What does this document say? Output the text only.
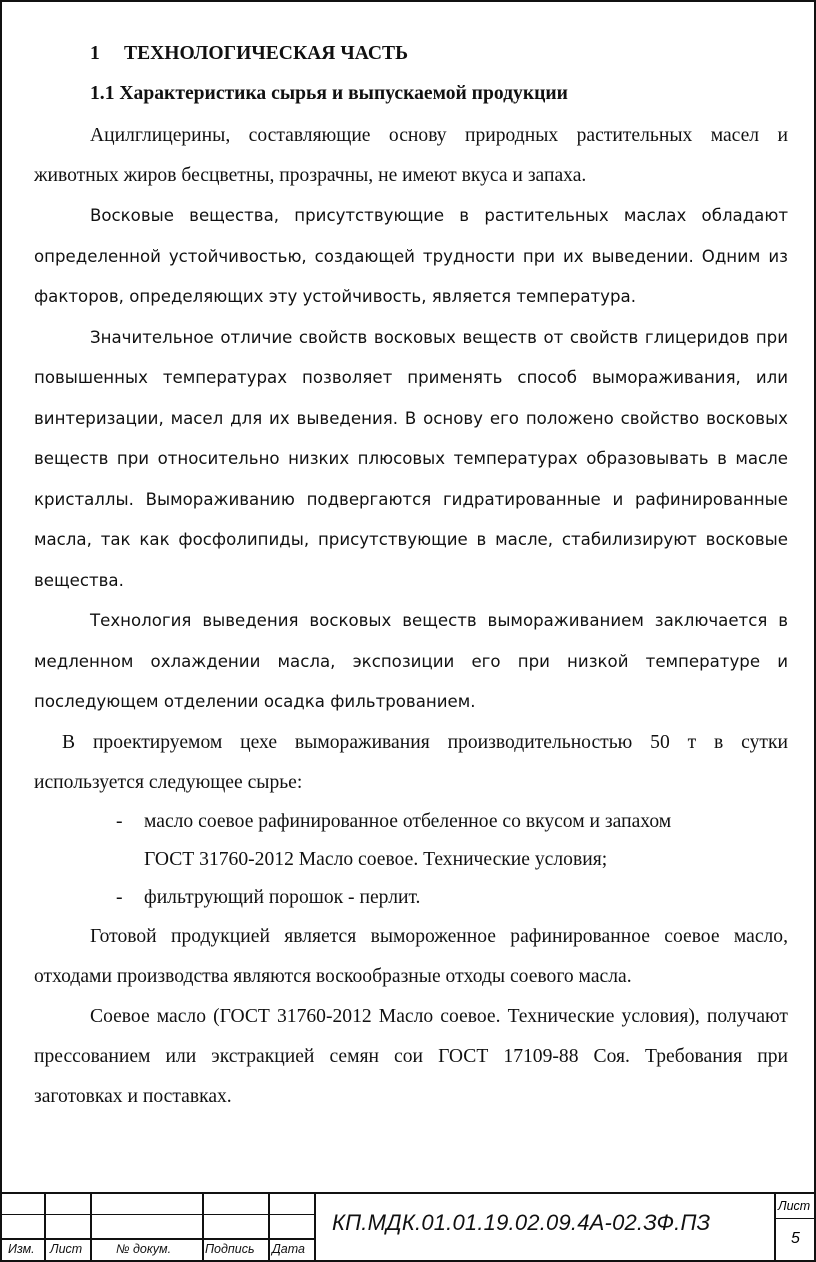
1 ТЕХНОЛОГИЧЕСКАЯ ЧАСТЬ
1.1 Характеристика сырья и выпускаемой продукции

Ацилглицерины, составляющие основу природных растительных масел и животных жиров бесцветны, прозрачны, не имеют вкуса и запаха.

Восковые вещества, присутствующие в растительных маслах обладают определенной устойчивостью, создающей трудности при их выведении. Одним из факторов, определяющих эту устойчивость, является температура.

Значительное отличие свойств восковых веществ от свойств глицеридов при повышенных температурах позволяет применять способ вымораживания, или винтеризации, масел для их выведения. В основу его положено свойство восковых веществ при относительно низких плюсовых температурах образовывать в масле кристаллы. Вымораживанию подвергаются гидратированные и рафинированные масла, так как фосфолипиды, присутствующие в масле, стабилизируют восковые вещества.

Технология выведения восковых веществ вымораживанием заключается в медленном охлаждении масла, экспозиции его при низкой температуре и последующем отделении осадка фильтрованием.

В проектируемом цехе вымораживания производительностью 50 т в сутки используется следующее сырье:

- масло соевое рафинированное отбеленное со вкусом и запахом
ГОСТ 31760-2012 Масло соевое. Технические условия;
- фильтрующий порошок - перлит.

Готовой продукцией является вымороженное рафинированное соевое масло, отходами производства являются воскообразные отходы соевого масла.

Соевое масло (ГОСТ 31760-2012 Масло соевое. Технические условия), получают прессованием или экстракцией семян сои ГОСТ 17109-88 Соя. Требования при заготовках и поставках.

Изм. Лист	№ докум.	Подпись Дата
КП.МДК.01.01.19.02.09.4А-02.ЗФ.ПЗ
Лист
5
